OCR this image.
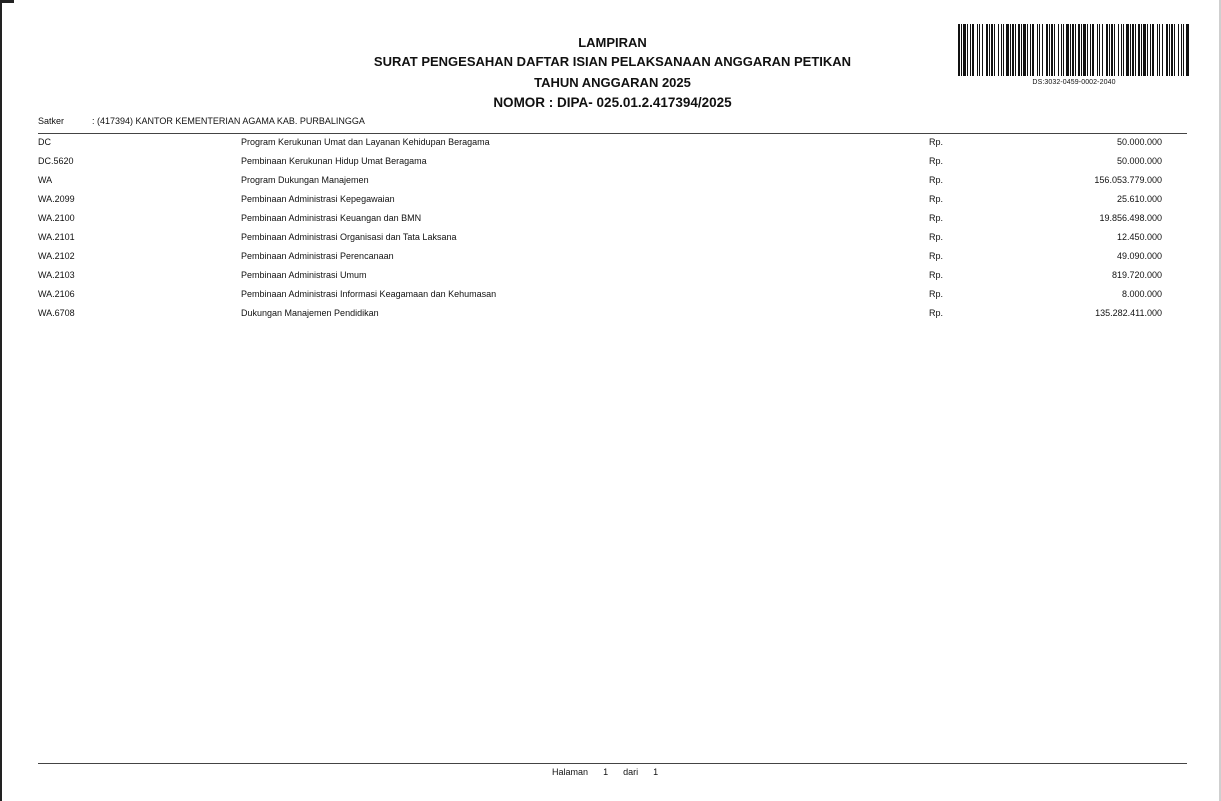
LAMPIRAN
SURAT PENGESAHAN DAFTAR ISIAN PELAKSANAAN ANGGARAN PETIKAN
TAHUN ANGGARAN 2025
NOMOR : DIPA- 025.01.2.417394/2025
DS:3032-0459-0002-2040
Satker	: (417394) KANTOR KEMENTERIAN AGAMA KAB. PURBALINGGA
DC	Program Kerukunan Umat dan Layanan Kehidupan Beragama	Rp.	50.000.000
DC.5620	Pembinaan Kerukunan Hidup Umat Beragama	Rp.	50.000.000
WA	Program Dukungan Manajemen	Rp.	156.053.779.000
WA.2099	Pembinaan Administrasi Kepegawaian	Rp.	25.610.000
WA.2100	Pembinaan Administrasi Keuangan dan BMN	Rp.	19.856.498.000
WA.2101	Pembinaan Administrasi Organisasi dan Tata Laksana	Rp.	12.450.000
WA.2102	Pembinaan Administrasi Perencanaan	Rp.	49.090.000
WA.2103	Pembinaan Administrasi Umum	Rp.	819.720.000
WA.2106	Pembinaan Administrasi Informasi Keagamaan dan Kehumasan	Rp.	8.000.000
WA.6708	Dukungan Manajemen Pendidikan	Rp.	135.282.411.000
Halaman 1 dari 1
